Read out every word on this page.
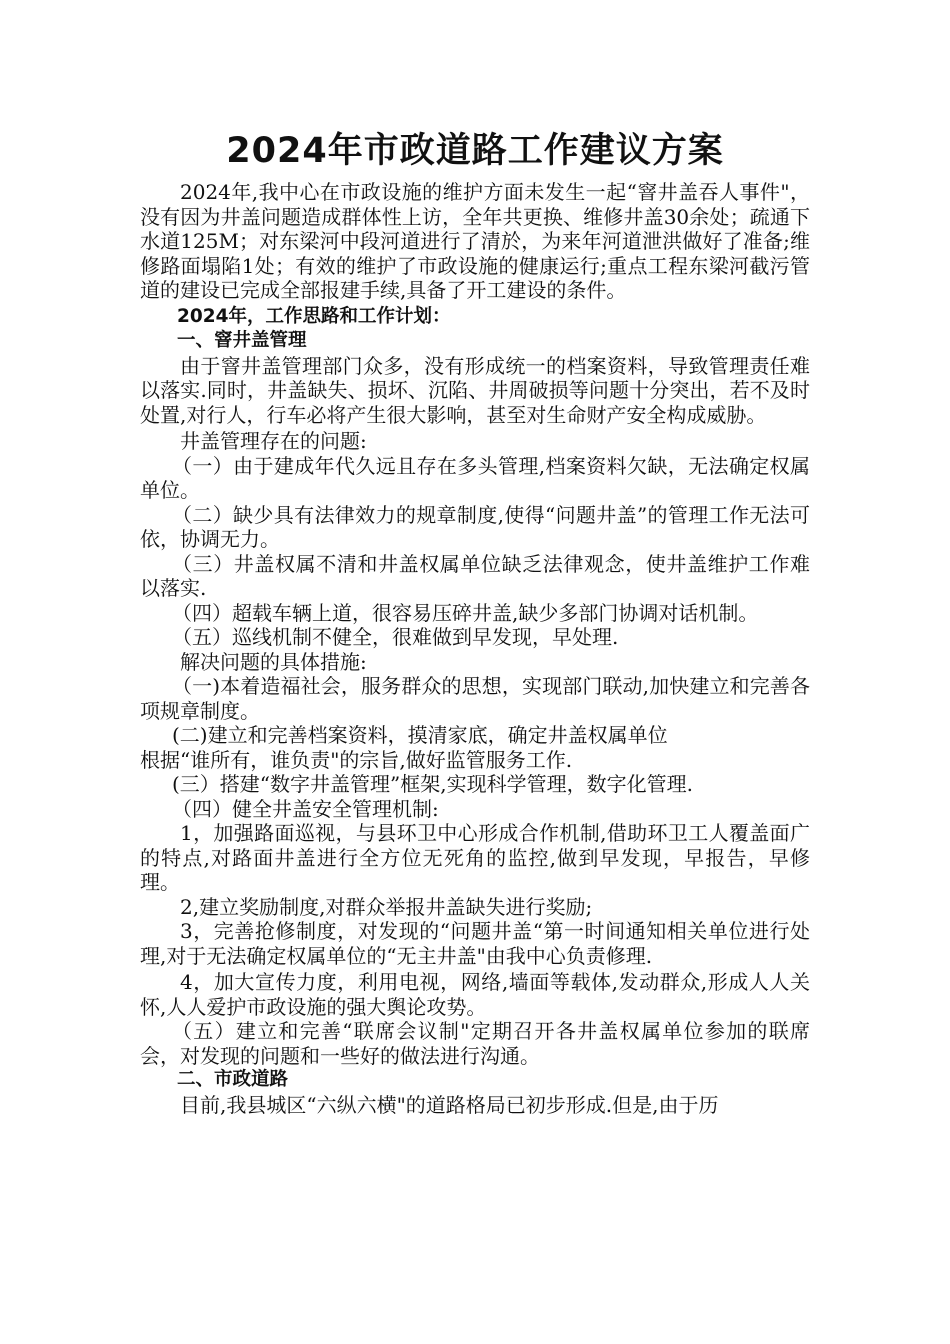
2024年市政道路工作建议方案

2024年,我中心在市政设施的维护方面未发生一起“窨井盖吞人事件"，没有因为井盖问题造成群体性上访，全年共更换、维修井盖30余处；疏通下水道125M；对东梁河中段河道进行了清於，为来年河道泄洪做好了准备;维修路面塌陷1处；有效的维护了市政设施的健康运行;重点工程东梁河截污管道的建设已完成全部报建手续,具备了开工建设的条件。

2024年，工作思路和工作计划：

一、窨井盖管理

由于窨井盖管理部门众多，没有形成统一的档案资料，导致管理责任难以落实.同时，井盖缺失、损坏、沉陷、井周破损等问题十分突出，若不及时处置,对行人，行车必将产生很大影响，甚至对生命财产安全构成威胁。

井盖管理存在的问题:

（一）由于建成年代久远且存在多头管理,档案资料欠缺，无法确定权属单位。

（二）缺少具有法律效力的规章制度,使得“问题井盖”的管理工作无法可依，协调无力。

（三）井盖权属不清和井盖权属单位缺乏法律观念，使井盖维护工作难以落实.

（四）超载车辆上道，很容易压碎井盖,缺少多部门协调对话机制。

（五）巡线机制不健全，很难做到早发现，早处理.

解决问题的具体措施:

（一)本着造福社会，服务群众的思想，实现部门联动,加快建立和完善各项规章制度。

(二)建立和完善档案资料，摸清家底，确定井盖权属单位

根据“谁所有，谁负责"的宗旨,做好监管服务工作.

(三）搭建“数字井盖管理”框架,实现科学管理，数字化管理.

（四）健全井盖安全管理机制:

1，加强路面巡视，与县环卫中心形成合作机制,借助环卫工人覆盖面广的特点,对路面井盖进行全方位无死角的监控,做到早发现，早报告，早修理。

2,建立奖励制度,对群众举报井盖缺失进行奖励;

3，完善抢修制度，对发现的“问题井盖“第一时间通知相关单位进行处理,对于无法确定权属单位的“无主井盖"由我中心负责修理.

4，加大宣传力度，利用电视，网络,墙面等载体,发动群众,形成人人关怀,人人爱护市政设施的强大舆论攻势。

（五）建立和完善“联席会议制"定期召开各井盖权属单位参加的联席会，对发现的问题和一些好的做法进行沟通。

二、市政道路

目前,我县城区“六纵六横"的道路格局已初步形成.但是,由于历
